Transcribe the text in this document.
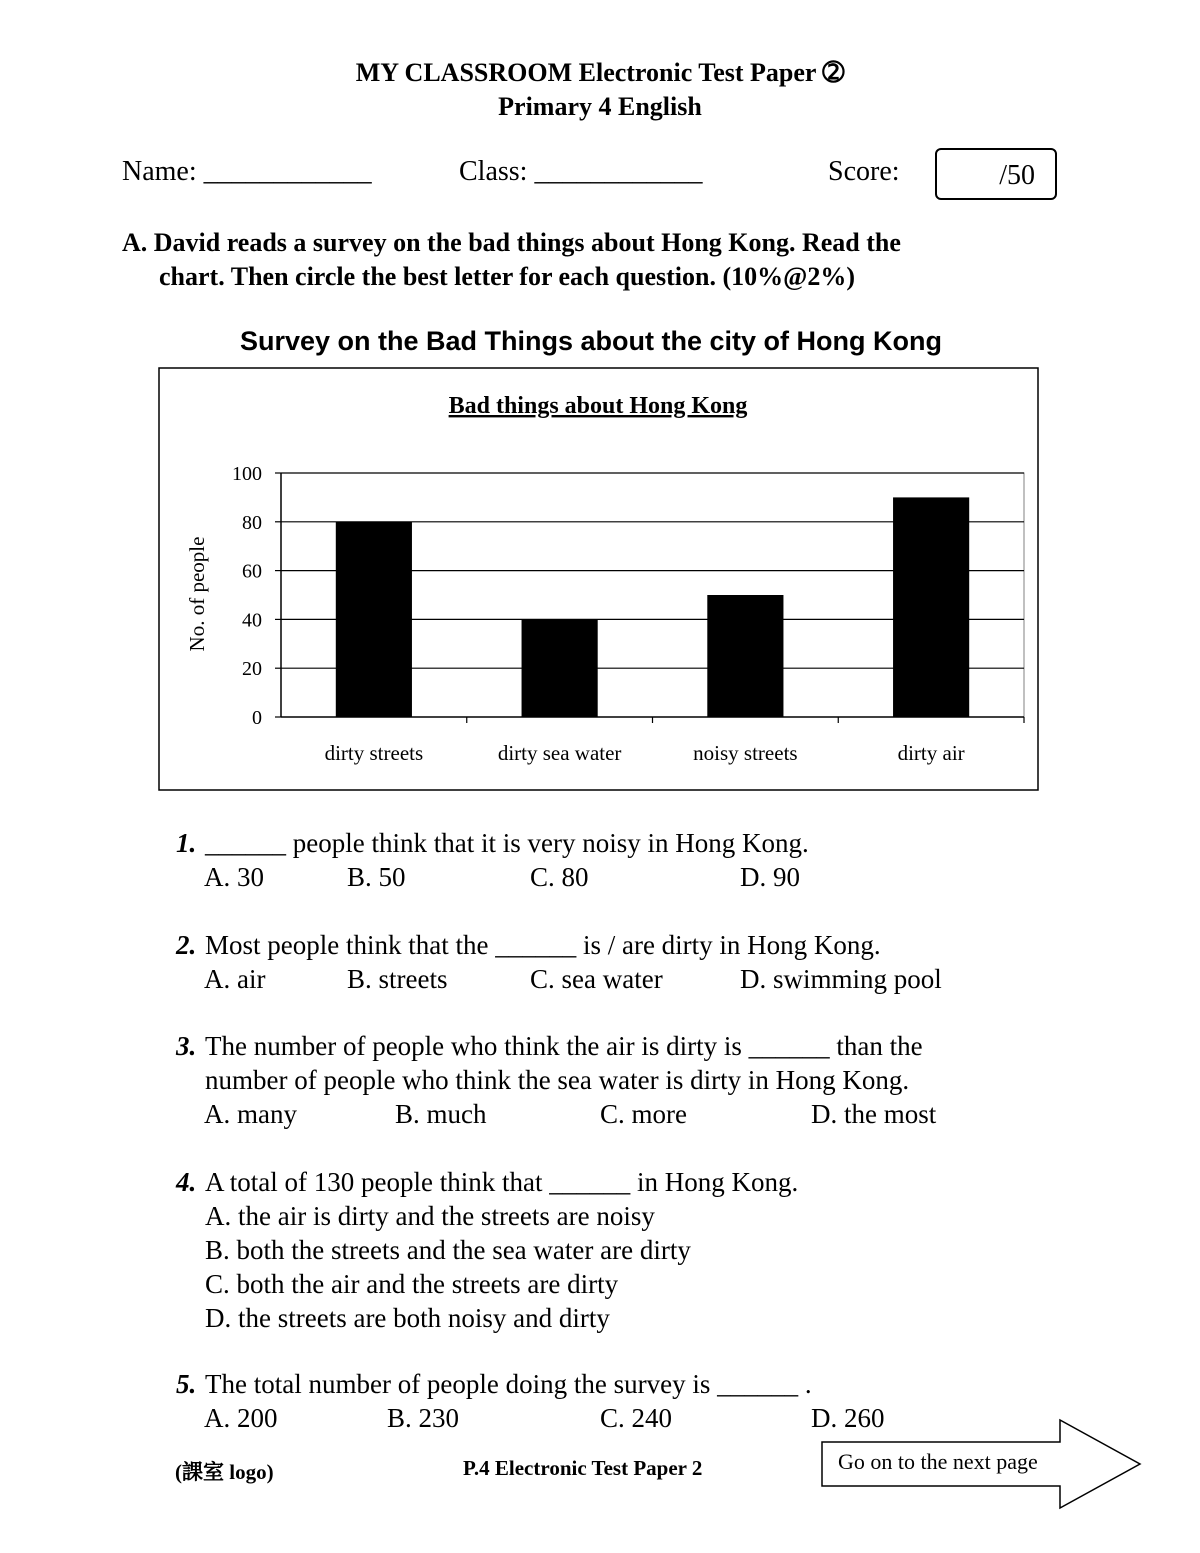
MY CLASSROOM Electronic Test Paper ➁
Primary 4 English
Name: ____________	Class: ____________	Score:	/50
A. David reads a survey on the bad things about Hong Kong. Read the
chart. Then circle the best letter for each question. (10%@2%)
Survey on the Bad Things about the city of Hong Kong
Bad things about Hong Kong
No. of people
0
20
40
60
80
100
dirty streets	dirty sea water	noisy streets	dirty air
1. ______ people think that it is very noisy in Hong Kong.
A. 30	B. 50	C. 80	D. 90
2. Most people think that the ______ is / are dirty in Hong Kong.
A. air	B. streets	C. sea water	D. swimming pool
3. The number of people who think the air is dirty is ______ than the
number of people who think the sea water is dirty in Hong Kong.
A. many	B. much	C. more	D. the most
4. A total of 130 people think that ______ in Hong Kong.
A. the air is dirty and the streets are noisy
B. both the streets and the sea water are dirty
C. both the air and the streets are dirty
D. the streets are both noisy and dirty
5. The total number of people doing the survey is ______ .
A. 200	B. 230	C. 240	D. 260
(課室 logo)	P.4 Electronic Test Paper 2	Go on to the next page
